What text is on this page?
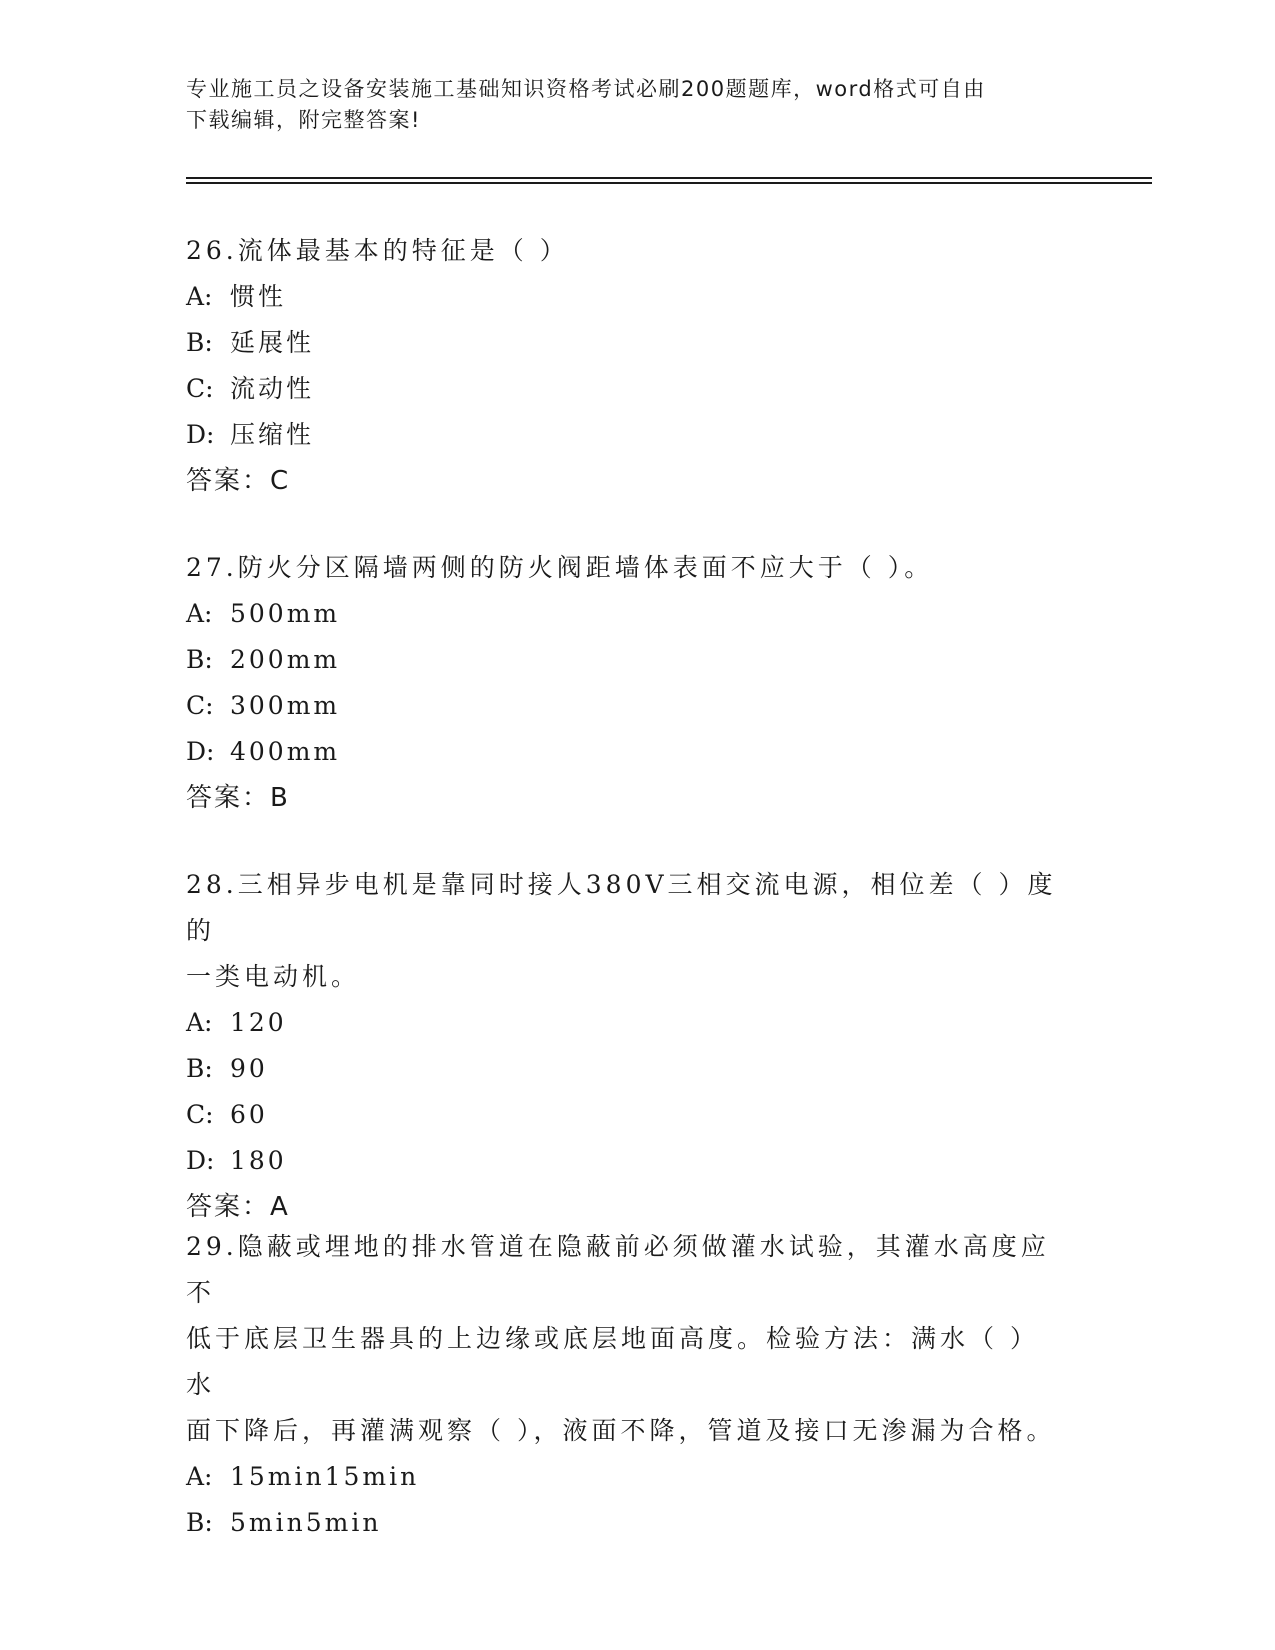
专业施工员之设备安装施工基础知识资格考试必刷200题题库，word格式可自由
下载编辑，附完整答案!

26.流体最基本的特征是（ ）

A: 惯性

B: 延展性

C: 流动性

D: 压缩性

答案：C

27.防火分区隔墙两侧的防火阀距墙体表面不应大于（ ）。

A: 500mm

B: 200mm

C: 300mm

D: 400mm

答案：B

28.三相异步电机是靠同时接人380V三相交流电源，相位差（ ）度的

一类电动机。

A: 120

B: 90

C: 60

D: 180

答案：A

29.隐蔽或埋地的排水管道在隐蔽前必须做灌水试验，其灌水高度应不

低于底层卫生器具的上边缘或底层地面高度。检验方法：满水（ ）水

面下降后，再灌满观察（ ），液面不降，管道及接口无渗漏为合格。

A: 15min15min

B: 5min5min
